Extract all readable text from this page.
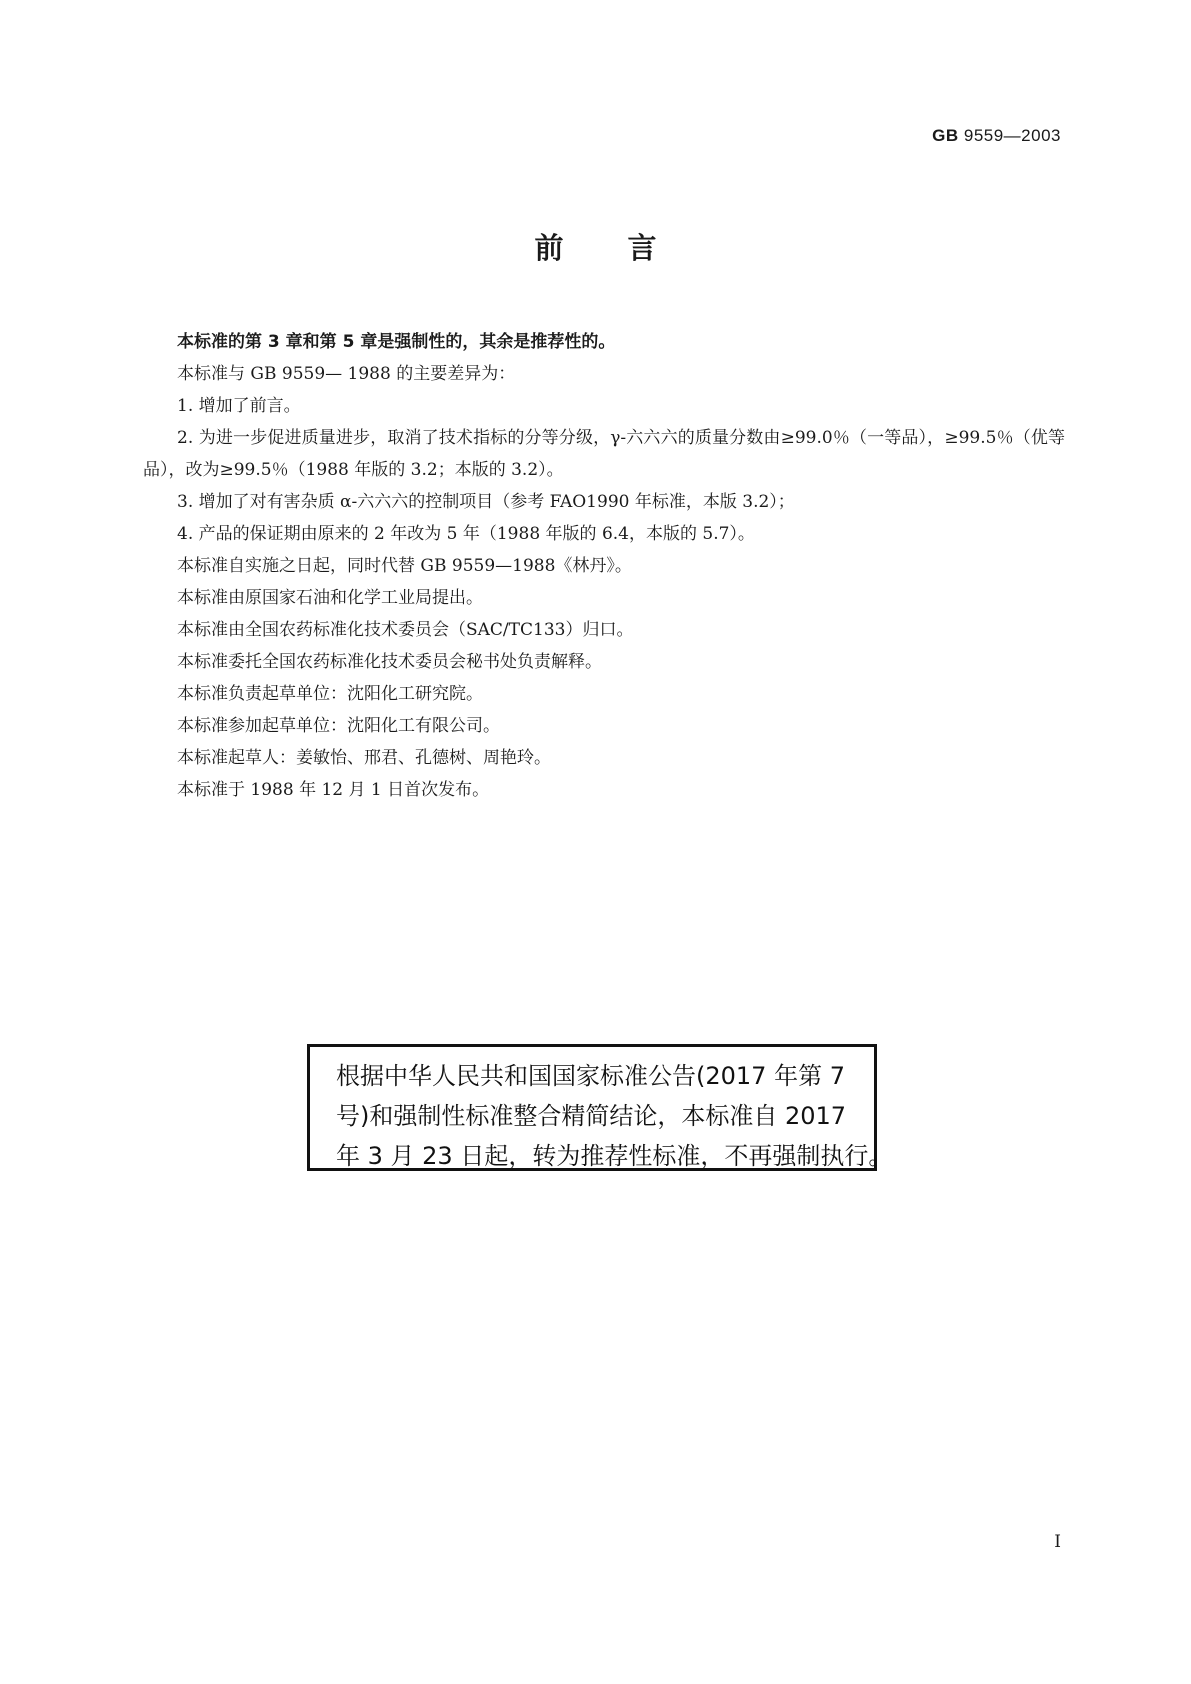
GB 9559—2003
前言

本标准的第 3 章和第 5 章是强制性的，其余是推荐性的。

本标准与 GB 9559— 1988 的主要差异为：

1. 增加了前言。

2. 为进一步促进质量进步，取消了技术指标的分等分级，γ-六六六的质量分数由≥99.0％（一等品），≥99.5％（优等品），改为≥99.5％（1988 年版的 3.2；本版的 3.2）。

3. 增加了对有害杂质 α-六六六的控制项目（参考 FAO1990 年标准，本版 3.2）；

4. 产品的保证期由原来的 2 年改为 5 年（1988 年版的 6.4，本版的 5.7）。

本标准自实施之日起，同时代替 GB 9559—1988《林丹》。

本标准由原国家石油和化学工业局提出。

本标准由全国农药标准化技术委员会（SAC/TC133）归口。

本标准委托全国农药标准化技术委员会秘书处负责解释。

本标准负责起草单位：沈阳化工研究院。

本标准参加起草单位：沈阳化工有限公司。

本标准起草人：姜敏怡、邢君、孔德树、周艳玲。

本标准于 1988 年 12 月 1 日首次发布。

根据中华人民共和国国家标准公告(2017 年第 7
号)和强制性标准整合精简结论，本标准自 2017
年 3 月 23 日起，转为推荐性标准，不再强制执行。
I
